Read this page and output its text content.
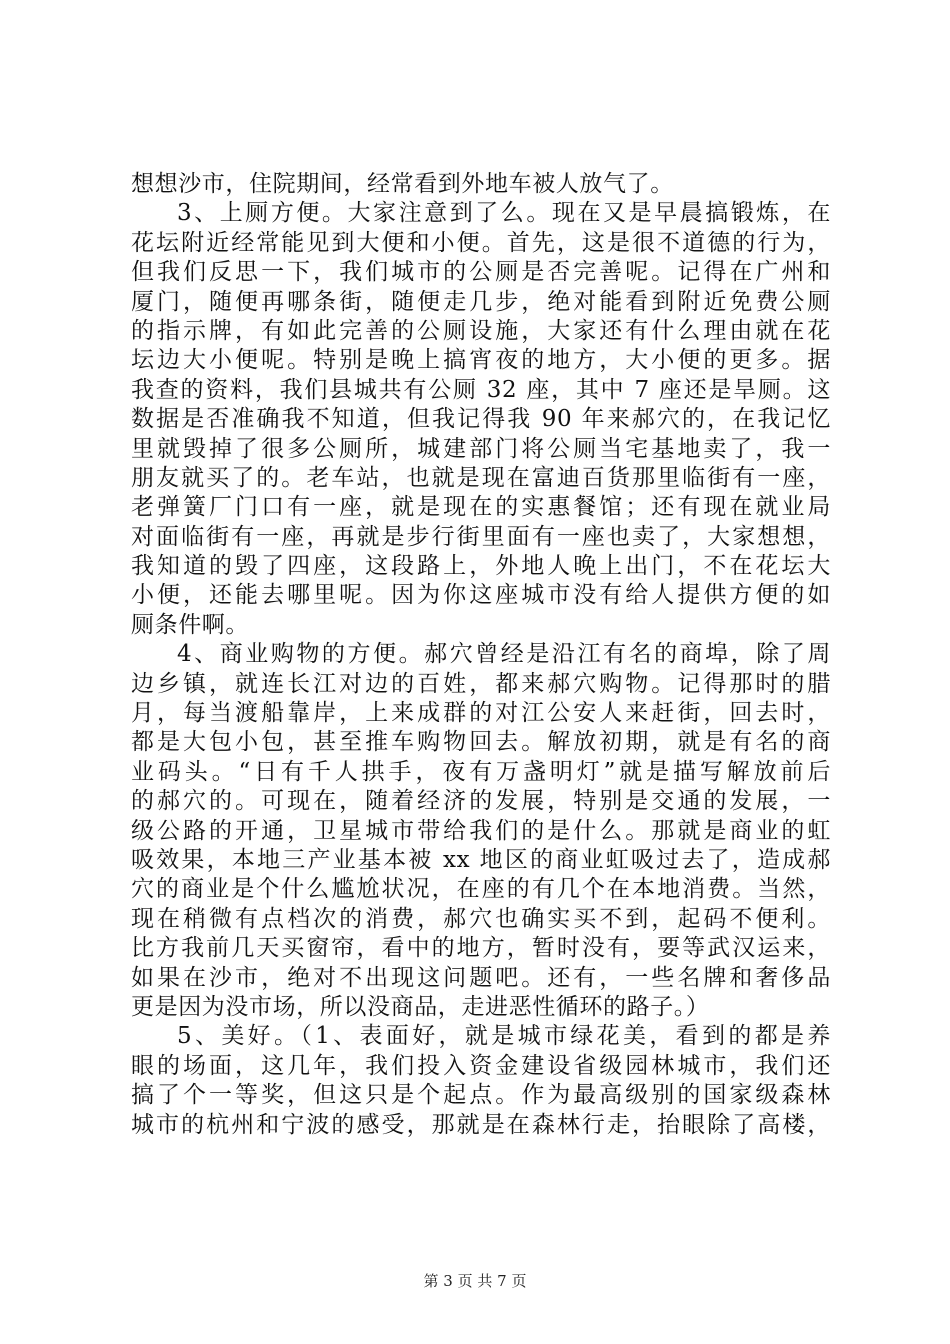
想想沙市，住院期间，经常看到外地车被人放气了。
3、上厕方便。大家注意到了么。现在又是早晨搞锻炼，在
花坛附近经常能见到大便和小便。首先，这是很不道德的行为，
但我们反思一下，我们城市的公厕是否完善呢。记得在广州和
厦门，随便再哪条街，随便走几步，绝对能看到附近免费公厕
的指示牌，有如此完善的公厕设施，大家还有什么理由就在花
坛边大小便呢。特别是晚上搞宵夜的地方，大小便的更多。据
我查的资料，我们县城共有公厕 32 座，其中 7 座还是旱厕。这
数据是否准确我不知道，但我记得我 90 年来郝穴的，在我记忆
里就毁掉了很多公厕所，城建部门将公厕当宅基地卖了，我一
朋友就买了的。老车站，也就是现在富迪百货那里临街有一座，
老弹簧厂门口有一座，就是现在的实惠餐馆；还有现在就业局
对面临街有一座，再就是步行街里面有一座也卖了，大家想想，
我知道的毁了四座，这段路上，外地人晚上出门，不在花坛大
小便，还能去哪里呢。因为你这座城市没有给人提供方便的如
厕条件啊。
4、商业购物的方便。郝穴曾经是沿江有名的商埠，除了周
边乡镇，就连长江对边的百姓，都来郝穴购物。记得那时的腊
月，每当渡船靠岸，上来成群的对江公安人来赶街，回去时，
都是大包小包，甚至推车购物回去。解放初期，就是有名的商
业码头。“日有千人拱手，夜有万盏明灯”就是描写解放前后
的郝穴的。可现在，随着经济的发展，特别是交通的发展，一
级公路的开通，卫星城市带给我们的是什么。那就是商业的虹
吸效果，本地三产业基本被 xx 地区的商业虹吸过去了，造成郝
穴的商业是个什么尴尬状况，在座的有几个在本地消费。当然，
现在稍微有点档次的消费，郝穴也确实买不到，起码不便利。
比方我前几天买窗帘，看中的地方，暂时没有，要等武汉运来，
如果在沙市，绝对不出现这问题吧。还有，一些名牌和奢侈品
更是因为没市场，所以没商品，走进恶性循环的路子。）
5、美好。（1、表面好，就是城市绿花美，看到的都是养
眼的场面，这几年，我们投入资金建设省级园林城市，我们还
搞了个一等奖，但这只是个起点。作为最高级别的国家级森林
城市的杭州和宁波的感受，那就是在森林行走，抬眼除了高楼，
第 3 页 共 7 页
